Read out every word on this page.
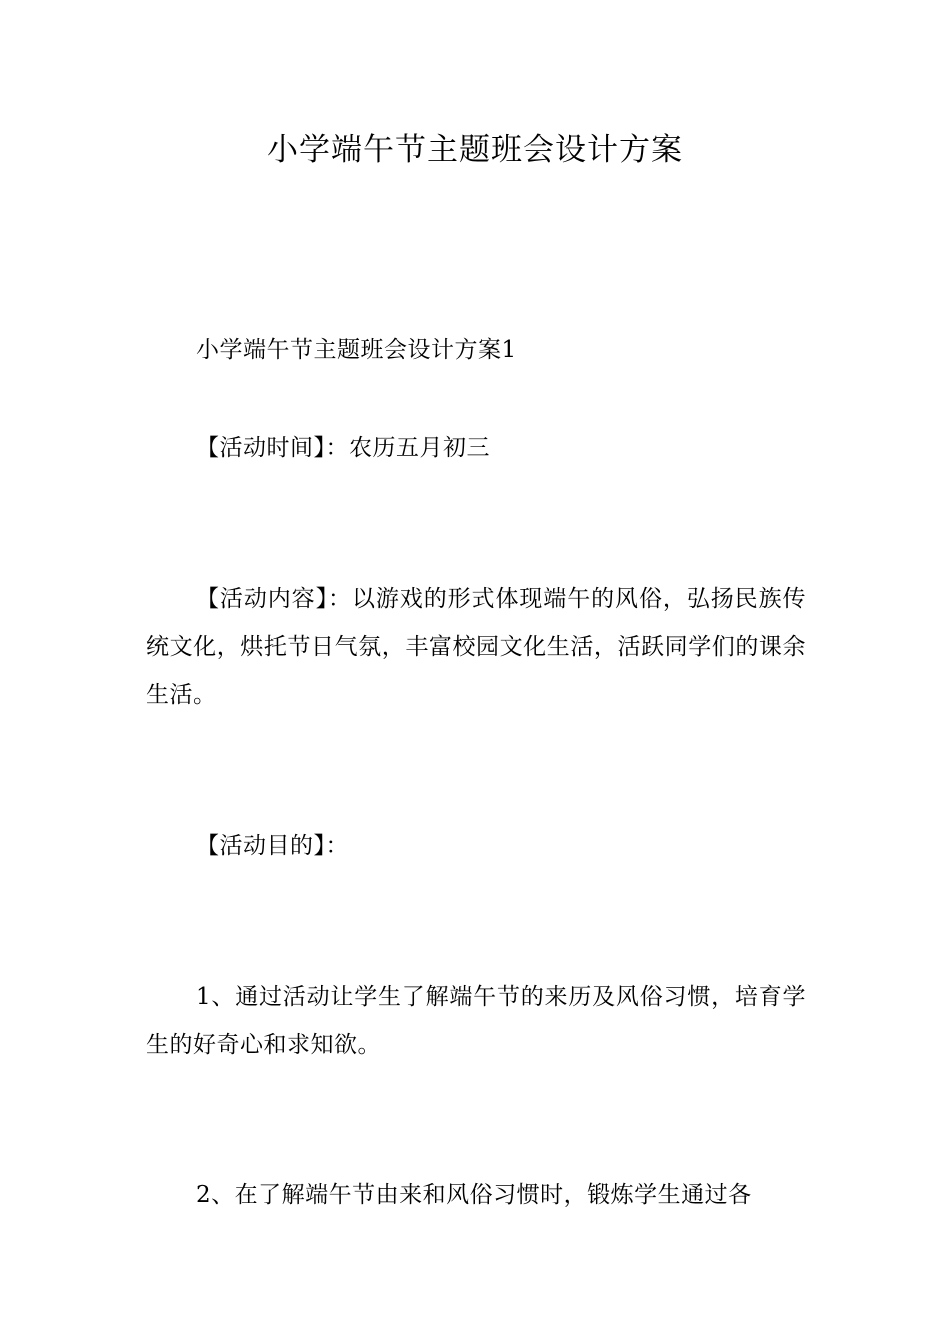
小学端午节主题班会设计方案

小学端午节主题班会设计方案1

【活动时间】：农历五月初三

【活动内容】：以游戏的形式体现端午的风俗，弘扬民族传统文化，烘托节日气氛，丰富校园文化生活，活跃同学们的课余生活。

【活动目的】：

1、通过活动让学生了解端午节的来历及风俗习惯，培育学生的好奇心和求知欲。

2、在了解端午节由来和风俗习惯时，锻炼学生通过各
